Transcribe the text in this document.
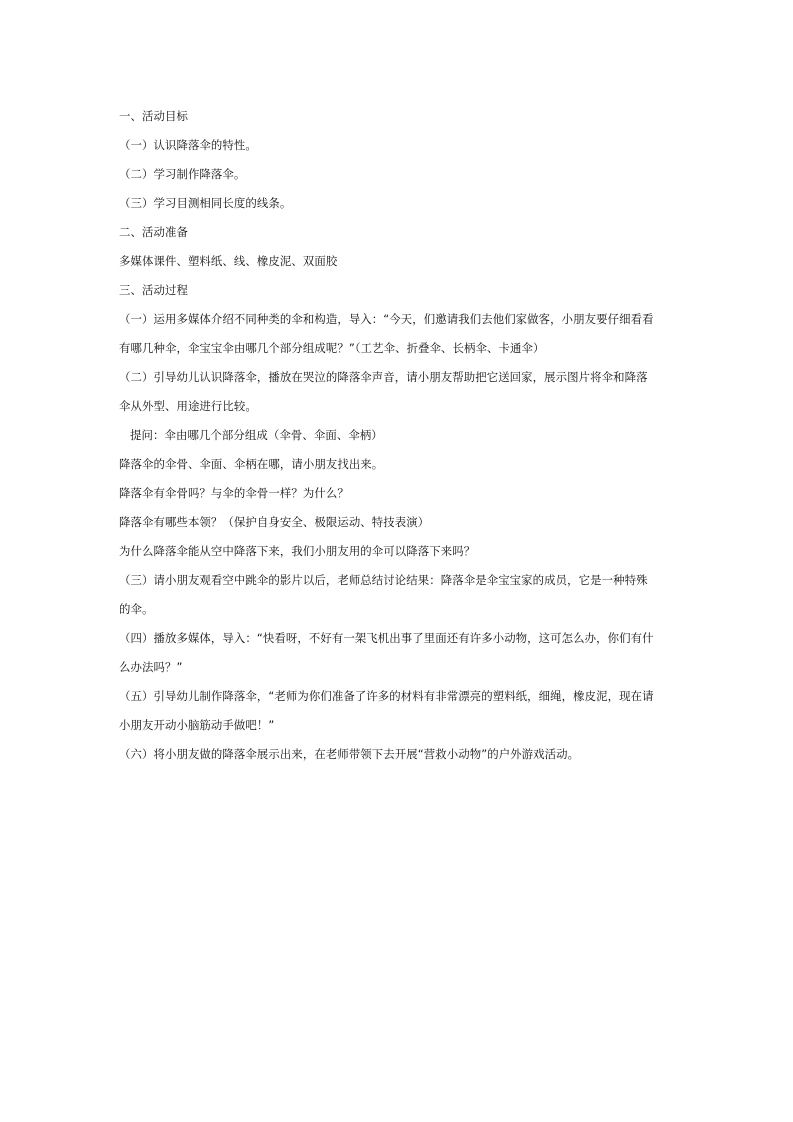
一、活动目标
（一）认识降落伞的特性。
（二）学习制作降落伞。
（三）学习目测相同长度的线条。
二、活动准备
多媒体课件、塑料纸、线、橡皮泥、双面胶
三、活动过程
（一）运用多媒体介绍不同种类的伞和构造，导入：“今天，们邀请我们去他们家做客，小朋友要仔细看看
有哪几种伞，伞宝宝伞由哪几个部分组成呢？”（工艺伞、折叠伞、长柄伞、卡通伞）
（二）引导幼儿认识降落伞，播放在哭泣的降落伞声音，请小朋友帮助把它送回家，展示图片将伞和降落
伞从外型、用途进行比较。
提问：伞由哪几个部分组成（伞骨、伞面、伞柄）
降落伞的伞骨、伞面、伞柄在哪，请小朋友找出来。
降落伞有伞骨吗？与伞的伞骨一样？为什么？
降落伞有哪些本领？（保护自身安全、极限运动、特技表演）
为什么降落伞能从空中降落下来，我们小朋友用的伞可以降落下来吗？
（三）请小朋友观看空中跳伞的影片以后，老师总结讨论结果：降落伞是伞宝宝家的成员，它是一种特殊
的伞。
（四）播放多媒体，导入：“快看呀，不好有一架飞机出事了里面还有许多小动物，这可怎么办，你们有什
么办法吗？”
（五）引导幼儿制作降落伞，“老师为你们准备了许多的材料有非常漂亮的塑料纸，细绳，橡皮泥，现在请
小朋友开动小脑筋动手做吧！”
（六）将小朋友做的降落伞展示出来，在老师带领下去开展“营救小动物”的户外游戏活动。
